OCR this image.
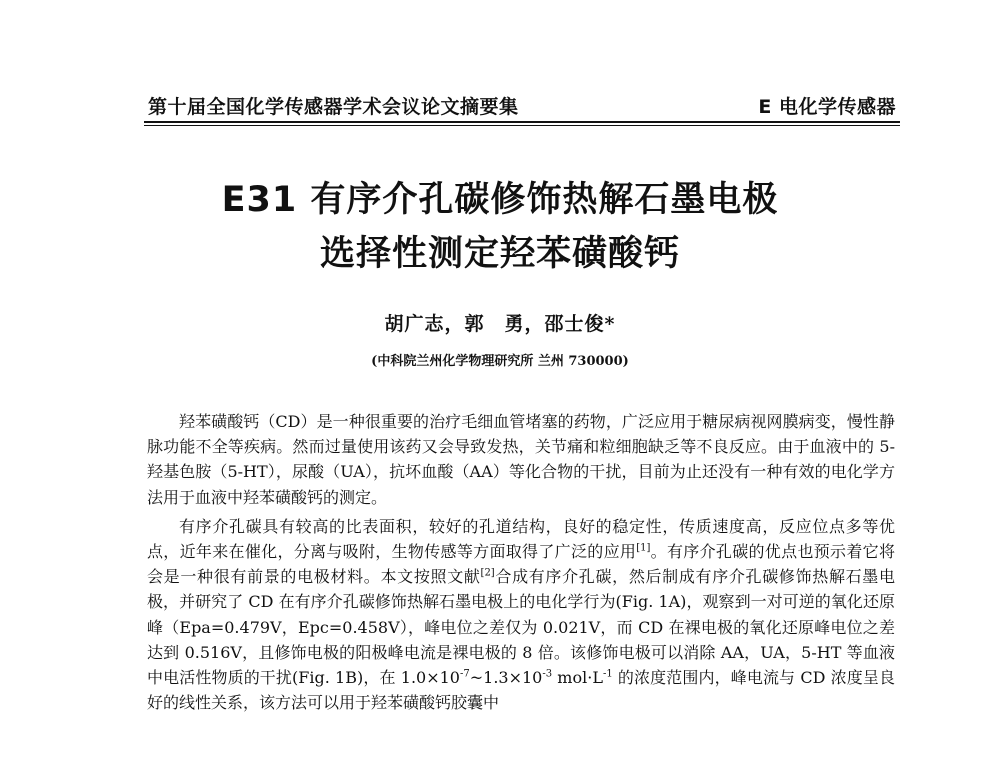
第十届全国化学传感器学术会议论文摘要集	E 电化学传感器
E31 有序介孔碳修饰热解石墨电极
选择性测定羟苯磺酸钙
胡广志，郭　勇，邵士俊*
(中科院兰州化学物理研究所 兰州 730000)

羟苯磺酸钙（CD）是一种很重要的治疗毛细血管堵塞的药物，广泛应用于糖尿病视网膜病变，慢性静脉功能不全等疾病。然而过量使用该药又会导致发热，关节痛和粒细胞缺乏等不良反应。由于血液中的 5-羟基色胺（5-HT），尿酸（UA），抗坏血酸（AA）等化合物的干扰，目前为止还没有一种有效的电化学方法用于血液中羟苯磺酸钙的测定。

有序介孔碳具有较高的比表面积，较好的孔道结构，良好的稳定性，传质速度高，反应位点多等优点，近年来在催化，分离与吸附，生物传感等方面取得了广泛的应用[1]。有序介孔碳的优点也预示着它将会是一种很有前景的电极材料。本文按照文献[2]合成有序介孔碳，然后制成有序介孔碳修饰热解石墨电极，并研究了 CD 在有序介孔碳修饰热解石墨电极上的电化学行为(Fig. 1A)，观察到一对可逆的氧化还原峰（Epa=0.479V，Epc=0.458V），峰电位之差仅为 0.021V，而 CD 在裸电极的氧化还原峰电位之差达到 0.516V，且修饰电极的阳极峰电流是裸电极的 8 倍。该修饰电极可以消除 AA，UA，5-HT 等血液中电活性物质的干扰(Fig. 1B)，在 $1.0\times 10^{-7}\sim 1.3\times 10^{-3}$ $mol\cdot L^{-1}$ 的浓度范围内，峰电流与 CD 浓度呈良好的线性关系，该方法可以用于羟苯磺酸钙胶囊中
